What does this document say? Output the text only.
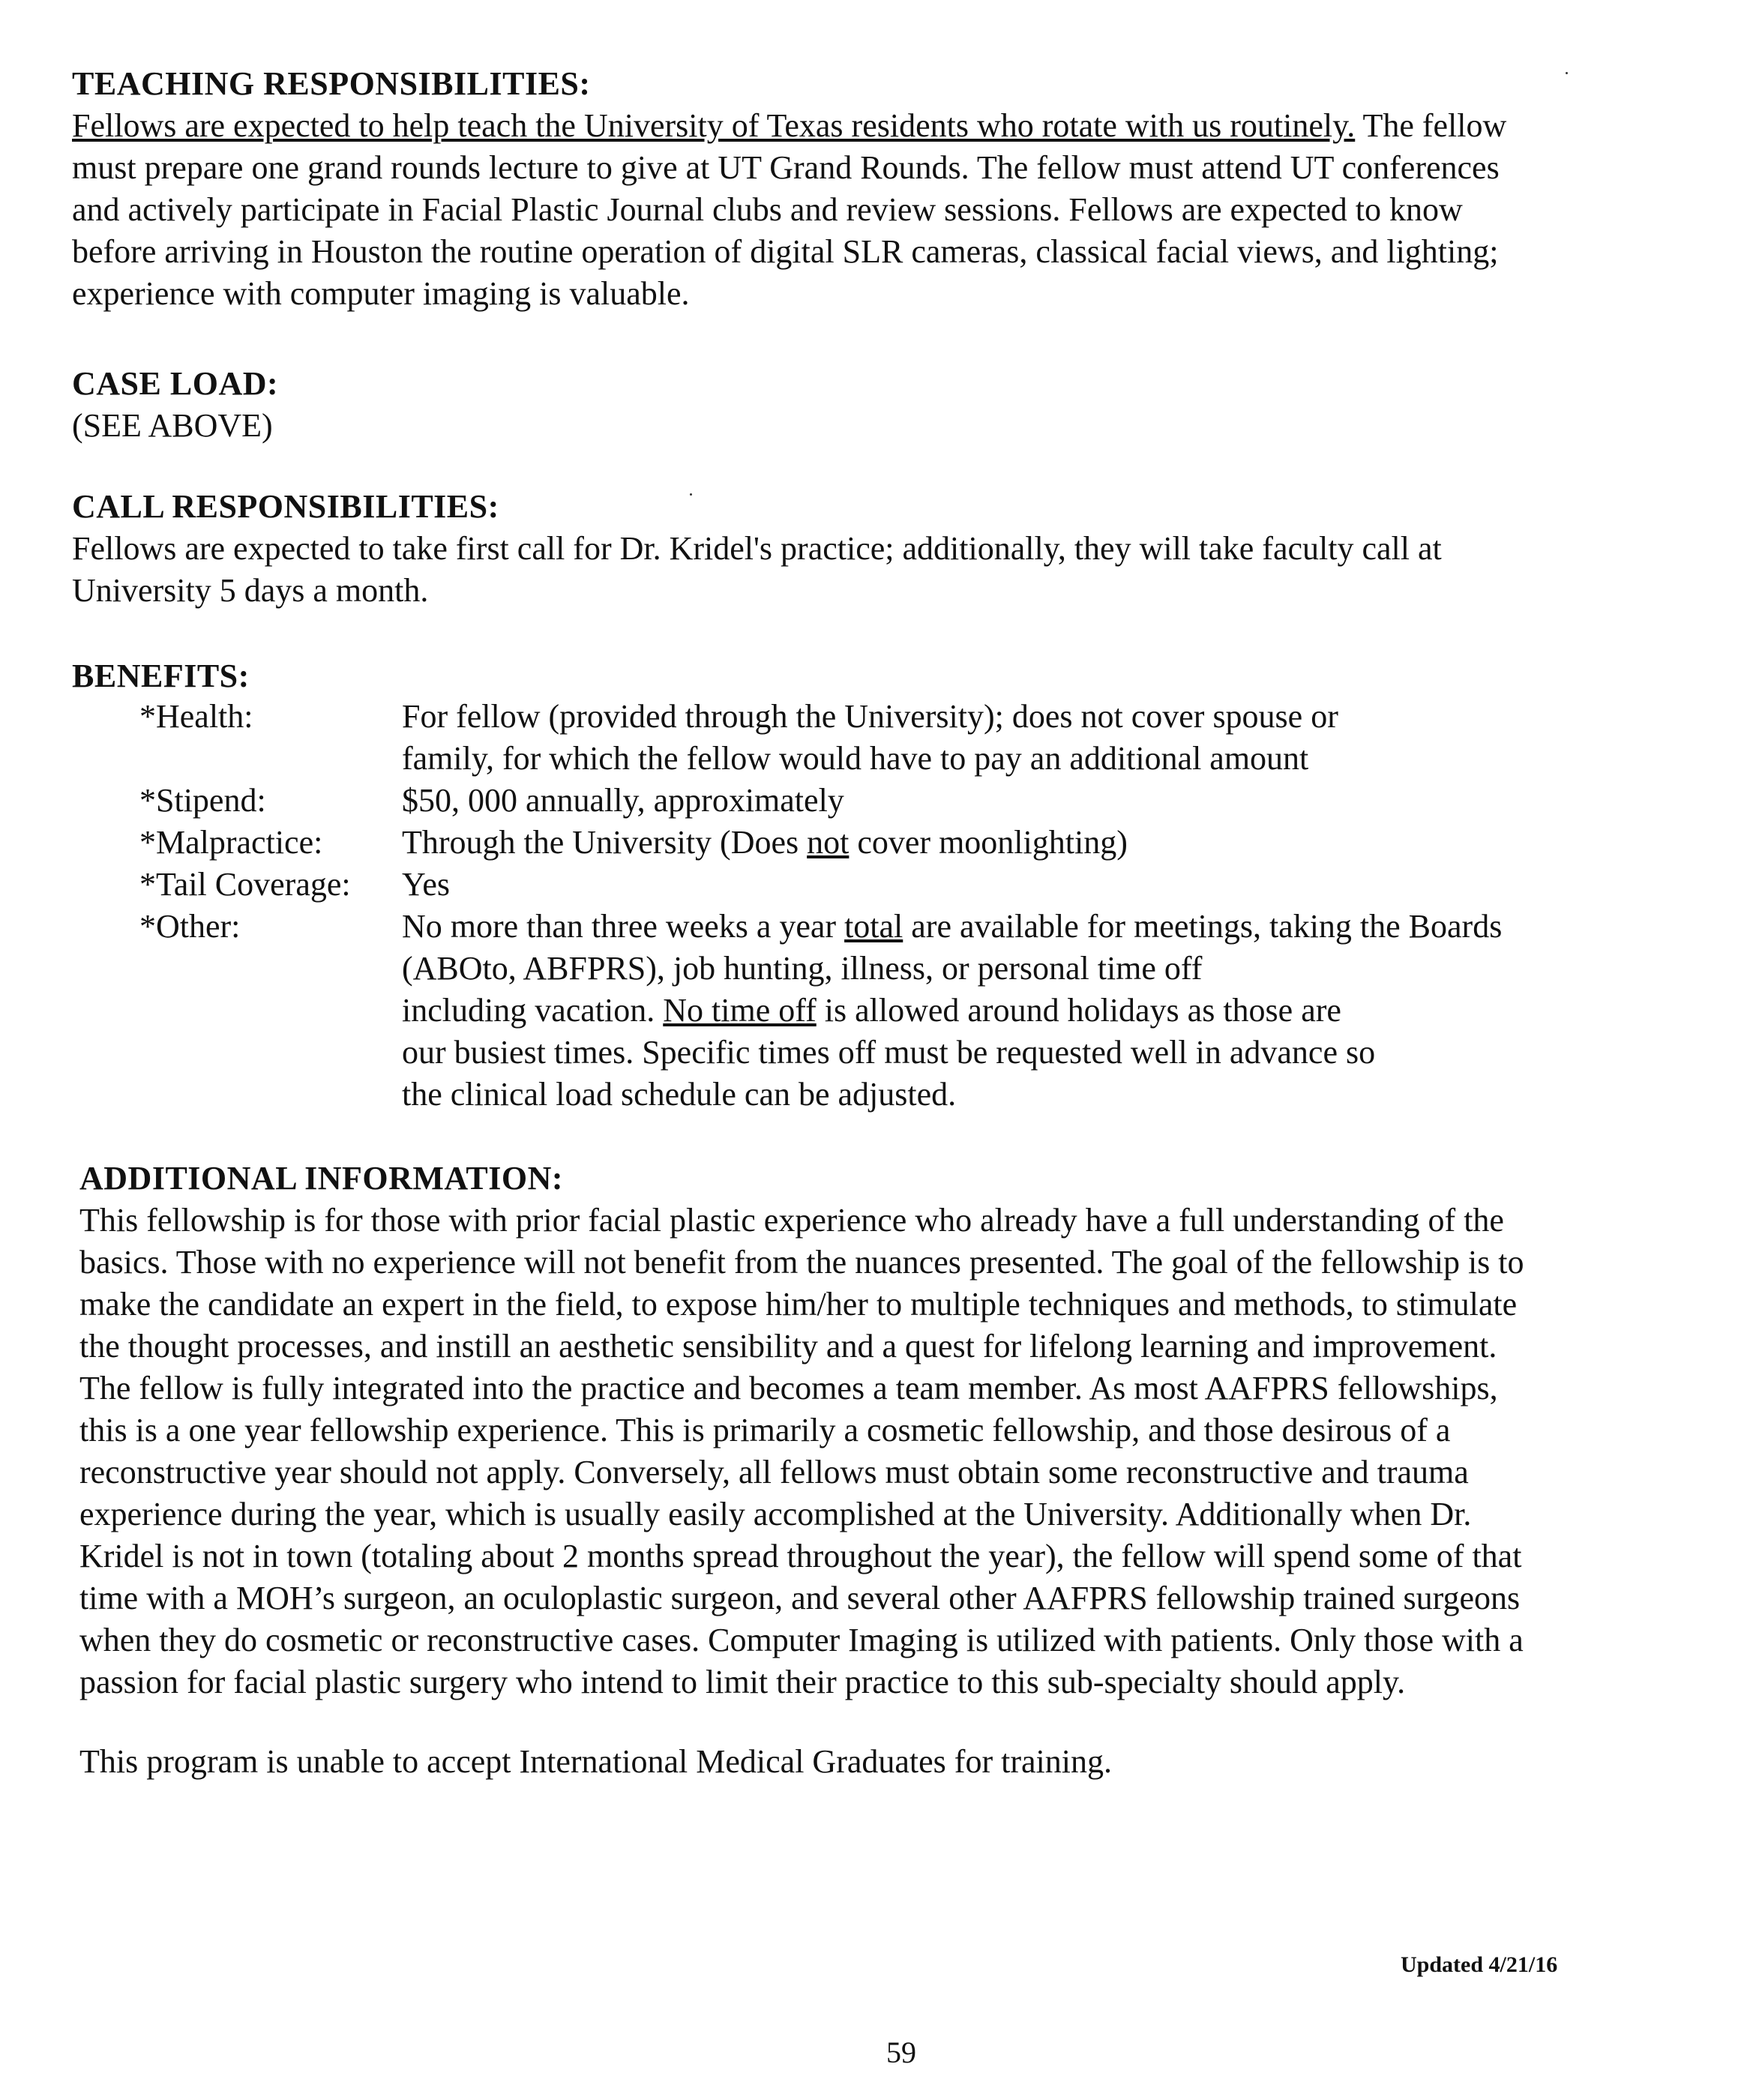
TEACHING RESPONSIBILITIES:
Fellows are expected to help teach the University of Texas residents who rotate with us routinely. The fellow
must prepare one grand rounds lecture to give at UT Grand Rounds. The fellow must attend UT conferences
and actively participate in Facial Plastic Journal clubs and review sessions. Fellows are expected to know
before arriving in Houston the routine operation of digital SLR cameras, classical facial views, and lighting;
experience with computer imaging is valuable.
CASE LOAD:
(SEE ABOVE)
CALL RESPONSIBILITIES:
Fellows are expected to take first call for Dr. Kridel's practice; additionally, they will take faculty call at
University 5 days a month.
BENEFITS:
*Health:	For fellow (provided through the University); does not cover spouse or
family, for which the fellow would have to pay an additional amount
*Stipend:	$50, 000 annually, approximately
*Malpractice: Through the University (Does not cover moonlighting)
*Tail Coverage: Yes
*Other:	No more than three weeks a year total are available for meetings, taking the Boards
(ABOto, ABFPRS), job hunting, illness, or personal time off
including vacation. No time off is allowed around holidays as those are
our busiest times. Specific times off must be requested well in advance so
the clinical load schedule can be adjusted.
ADDITIONAL INFORMATION:
This fellowship is for those with prior facial plastic experience who already have a full understanding of the
basics. Those with no experience will not benefit from the nuances presented. The goal of the fellowship is to
make the candidate an expert in the field, to expose him/her to multiple techniques and methods, to stimulate
the thought processes, and instill an aesthetic sensibility and a quest for lifelong learning and improvement.
The fellow is fully integrated into the practice and becomes a team member. As most AAFPRS fellowships,
this is a one year fellowship experience. This is primarily a cosmetic fellowship, and those desirous of a
reconstructive year should not apply. Conversely, all fellows must obtain some reconstructive and trauma
experience during the year, which is usually easily accomplished at the University. Additionally when Dr.
Kridel is not in town (totaling about 2 months spread throughout the year), the fellow will spend some of that
time with a MOH’s surgeon, an oculoplastic surgeon, and several other AAFPRS fellowship trained surgeons
when they do cosmetic or reconstructive cases. Computer Imaging is utilized with patients. Only those with a
passion for facial plastic surgery who intend to limit their practice to this sub-specialty should apply.
This program is unable to accept International Medical Graduates for training.
Updated 4/21/16
59
